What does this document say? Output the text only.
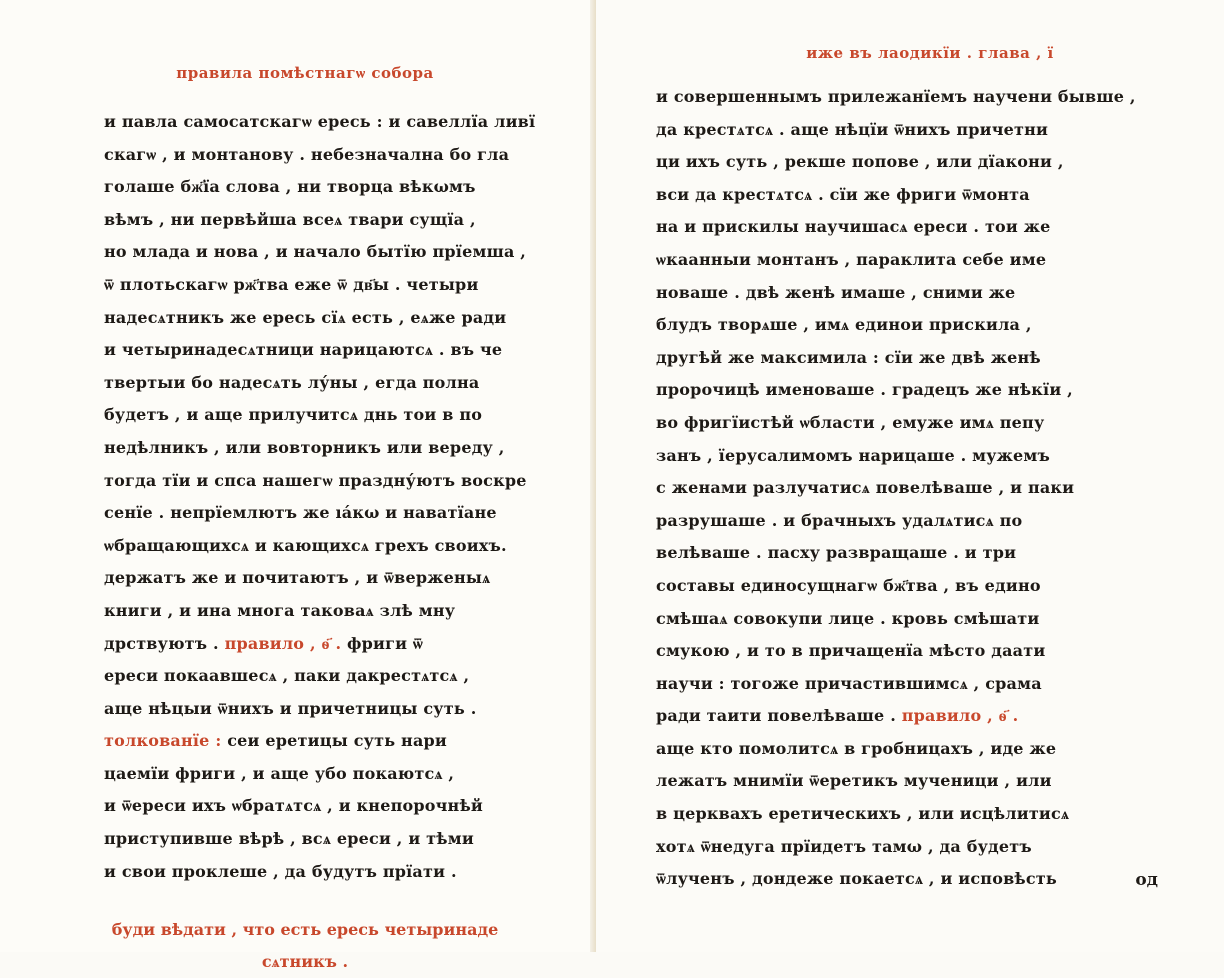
правила помѣстнагѡ собора
и павла самосатскагѡ ересь : и савеллїа ливї
скагѡ , и монтанову . небезначална бо гла
голаше бж҃їа слова , ни творца вѣкωмъ
вѣмъ , ни первѣйша всеѧ твари сущїа ,
но млада и нова , и начало бытїю прїемша ,
ѿ плотьскагѡ рж҃тва еже ѿ дв҃ы . четыри
надесѧтникъ же ересь сїѧ есть , еѧже ради
и четыринадесѧтници нарицаютсѧ . въ че
твертыи бо надесѧть лу́ны , егда полна
будетъ , и аще прилучитсѧ днь тои в по
недѣлникъ , или вовторникъ или вереду ,
тогда тїи и спса нашегѡ праздну́ютъ воскре
сенїе . непрїемлютъ же ıа́кω и наватїане
ѡбращающихсѧ и кающихсѧ грехъ своихъ.
держатъ же и почитаютъ , и ѿверженыѧ
книги , и ина многа таковаѧ злѣ мну
дрствуютъ . правило , ѳ҃ . фриги ѿ
ереси покаавшесѧ , паки дакрестѧтсѧ ,
аще нѣцыи ѿнихъ и причетницы суть .
толкованїе : сеи еретицы суть нари
цаемїи фриги , и аще убо покаютсѧ ,
и ѿереси ихъ ѡбратѧтсѧ , и кнепорочнѣй
приступивше вѣрѣ , всѧ ереси , и тѣми
и свои проклеше , да будутъ прїати .
буди вѣдати , что есть ересь четыринаде
сѧтникъ .
иже въ лаодикїи . глава , ї
и совершеннымъ прилежанїемъ научени бывше ,
да крестѧтсѧ . аще нѣцїи ѿнихъ причетни
ци ихъ суть , рекше попове , или дїакони ,
вси да крестѧтсѧ . сїи же фриги ѿмонта
на и прискилы научишасѧ ереси . тои же
ѡкаанныи монтанъ , параклита себе име
новаше . двѣ женѣ имаше , сними же
блудъ творѧше , имѧ единои прискила ,
другѣй же максимила : сїи же двѣ женѣ
пророчицѣ именоваше . градецъ же нѣкїи ,
во фригїистѣй ѡбласти , емуже имѧ пепу
занъ , їерусалимомъ нарицаше . мужемъ
с женами разлучатисѧ повелѣваше , и паки
разрушаше . и брачныхъ удалѧтисѧ по
велѣваше . пасху развращаше . и три
составы единосущнагѡ бж҃тва , въ едино
смѣшаѧ совокупи лице . кровь смѣшати
смукою , и то в причащенїа мѣсто даати
научи : тогоже причастившимсѧ , срама
ради таити повелѣваше . правило , ѳ҃ .
аще кто помолитсѧ в гробницахъ , иде же
лежатъ мнимїи ѿеретикъ мученици , или
в церквахъ еретическихъ , или исцѣлитисѧ
хотѧ ѿнедуга прїидетъ тамω , да будетъ
ѿлученъ , дондеже покаетсѧ , и исповѣсть	од
